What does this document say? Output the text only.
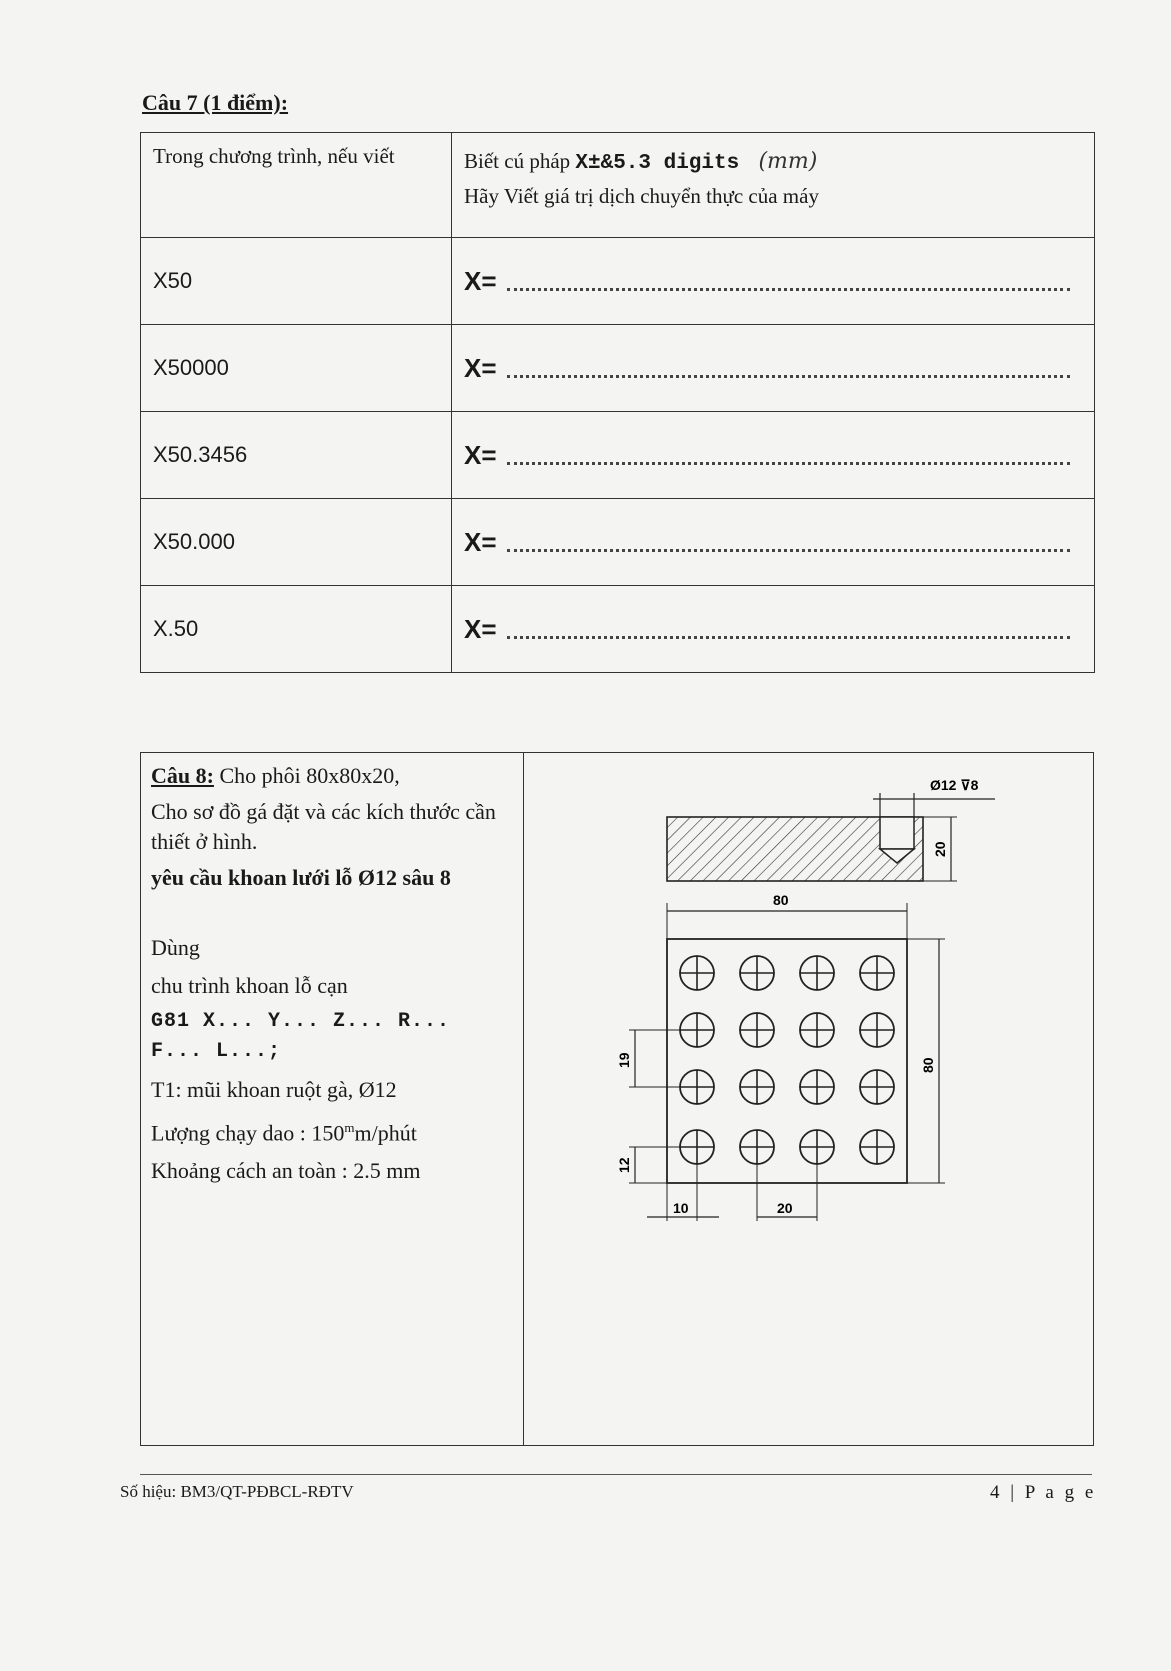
Câu 7 (1 điểm):
Trong chương trình, nếu viết	Biết cú pháp X±&5.3 digits (mm)
Hãy Viết giá trị dịch chuyển thực của máy

X50	X=

X50000	X=

X50.3456	X=

X50.000	X=

X.50	X=

Câu 8: Cho phôi 80x80x20,

Cho sơ đồ gá đặt và các kích thước cần thiết ở hình.

yêu cầu khoan lưới lỗ Ø12 sâu 8

Dùng

chu trình khoan lỗ cạn

G81 X... Y... Z... R...

F... L...;

T1: mũi khoan ruột gà, Ø12

Lượng chạy dao : 150$^m$m/phút

Khoảng cách an toàn : 2.5 mm

Ø12 ⊽8
20
80
80
19
12
10	20
Số hiệu: BM3/QT-PĐBCL-RĐTV	4 | P a g e
